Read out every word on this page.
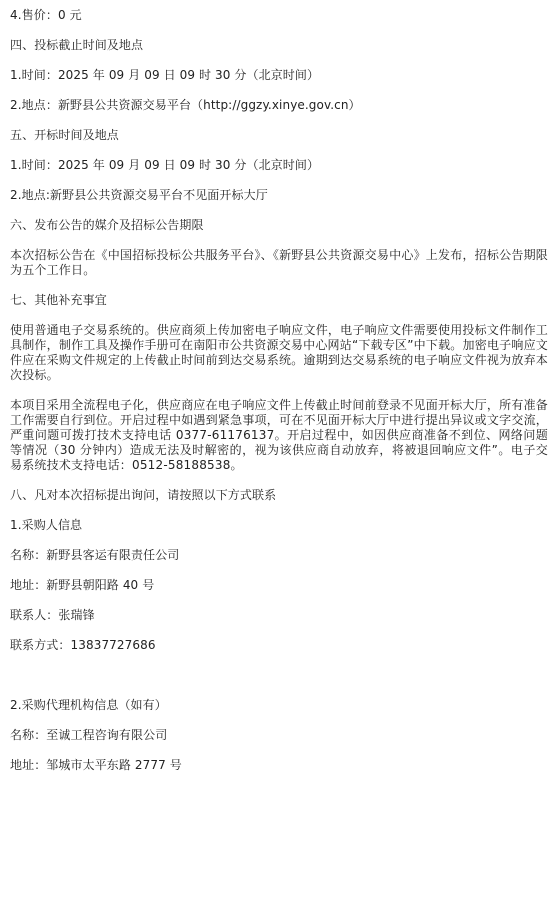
4.售价：0 元
四、投标截止时间及地点
1.时间：2025 年 09 月 09 日 09 时 30 分（北京时间）
2.地点：新野县公共资源交易平台（http://ggzy.xinye.gov.cn）
五、开标时间及地点
1.时间：2025 年 09 月 09 日 09 时 30 分（北京时间）
2.地点:新野县公共资源交易平台不见面开标大厅
六、发布公告的媒介及招标公告期限

本次招标公告在《中国招标投标公共服务平台》、《新野县公共资源交易中心》上发布，招标公告期限为五个工作日。

七、其他补充事宜

使用普通电子交易系统的。供应商须上传加密电子响应文件，电子响应文件需要使用投标文件制作工具制作，制作工具及操作手册可在南阳市公共资源交易中心网站“下载专区”中下载。加密电子响应文件应在采购文件规定的上传截止时间前到达交易系统。逾期到达交易系统的电子响应文件视为放弃本次投标。

本项目采用全流程电子化，供应商应在电子响应文件上传截止时间前登录不见面开标大厅，所有准备工作需要自行到位。开启过程中如遇到紧急事项，可在不见面开标大厅中进行提出异议或文字交流，严重问题可拨打技术支持电话 0377-61176137。开启过程中，如因供应商准备不到位、网络问题等情况（30 分钟内）造成无法及时解密的，视为该供应商自动放弃，将被退回响应文件”。电子交易系统技术支持电话：0512-58188538。

八、凡对本次招标提出询问，请按照以下方式联系
1.采购人信息
名称：新野县客运有限责任公司
地址：新野县朝阳路 40 号
联系人：张瑞锋
联系方式：13837727686
2.采购代理机构信息（如有）
名称：至诚工程咨询有限公司
地址：邹城市太平东路 2777 号
